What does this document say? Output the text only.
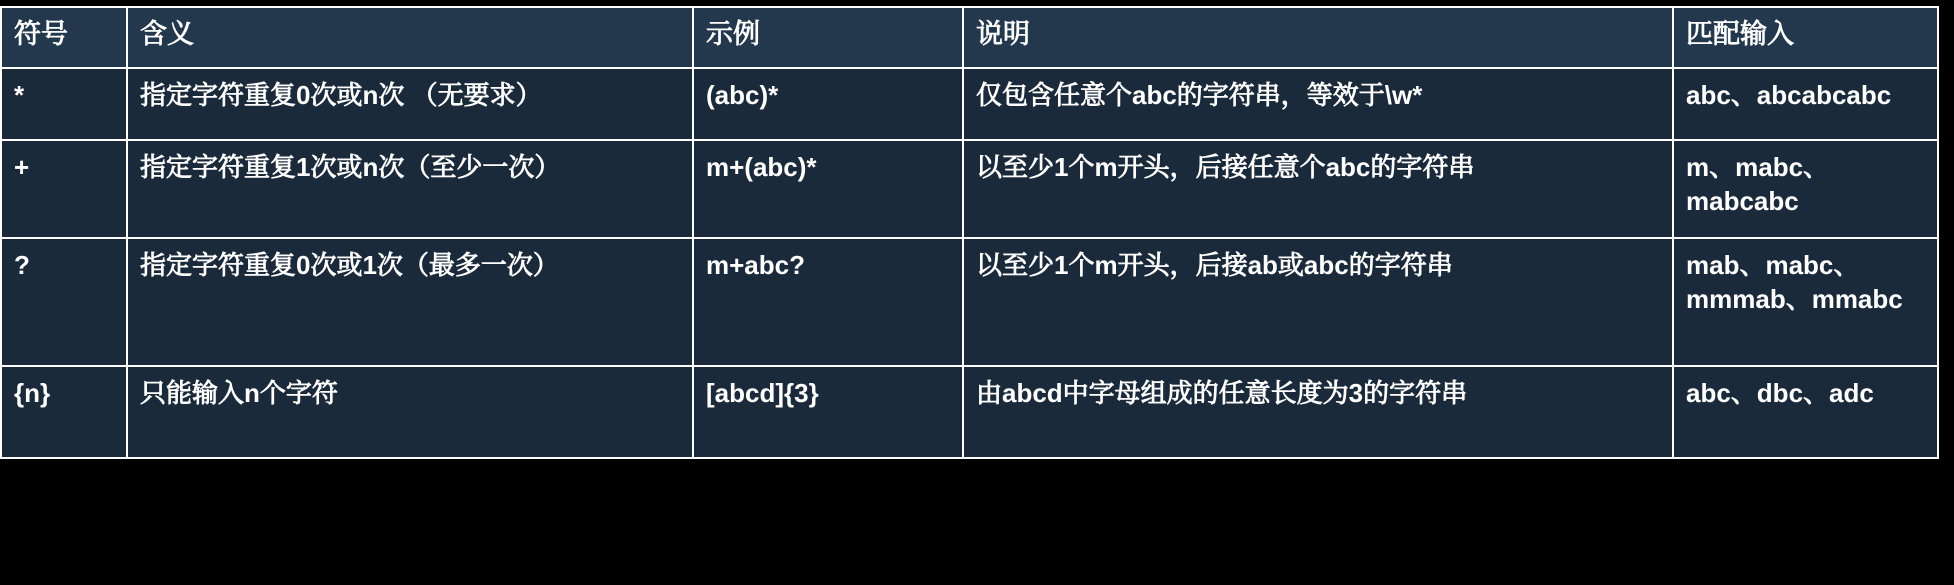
符号	含义	示例	说明	匹配输入
*	指定字符重复0次或n次 （无要求）	(abc)*	仅包含任意个abc的字符串，等效于\w*	abc、abcabcabc
+	指定字符重复1次或n次（至少一次）	m+(abc)*	以至少1个m开头，后接任意个abc的字符串	m、mabc、mabcabc
?	指定字符重复0次或1次（最多一次）	m+abc?	以至少1个m开头，后接ab或abc的字符串	mab、mabc、mmmab、mmabc
{n}	只能输入n个字符	[abcd]{3}	由abcd中字母组成的任意长度为3的字符串	abc、dbc、adc
